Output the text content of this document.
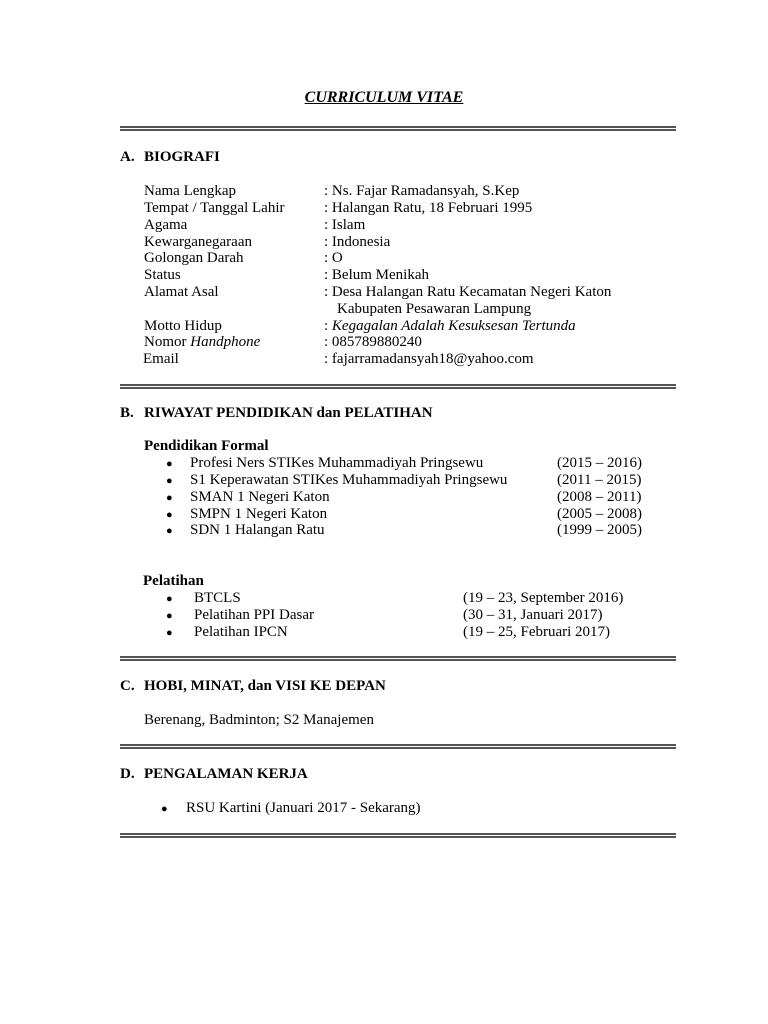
CURRICULUM VITAE
A. BIOGRAFI
Nama Lengkap	: Ns. Fajar Ramadansyah, S.Kep
Tempat / Tanggal Lahir	: Halangan Ratu, 18 Februari 1995
Agama	: Islam
Kewarganegaraan	: Indonesia
Golongan Darah	: O
Status	: Belum Menikah
Alamat Asal	: Desa Halangan Ratu Kecamatan Negeri Katon
Kabupaten Pesawaran Lampung
Motto Hidup	: Kegagalan Adalah Kesuksesan Tertunda
Nomor Handphone	: 085789880240
Email	: fajarramadansyah18@yahoo.com
B. RIWAYAT PENDIDIKAN dan PELATIHAN
Pendidikan Formal
● Profesi Ners STIKes Muhammadiyah Pringsewu	(2015 – 2016)
● S1 Keperawatan STIKes Muhammadiyah Pringsewu	(2011 – 2015)
● SMAN 1 Negeri Katon	(2008 – 2011)
● SMPN 1 Negeri Katon	(2005 – 2008)
● SDN 1 Halangan Ratu	(1999 – 2005)
Pelatihan
● BTCLS	(19 – 23, September 2016)
● Pelatihan PPI Dasar	(30 – 31, Januari 2017)
● Pelatihan IPCN	(19 – 25, Februari 2017)
C. HOBI, MINAT, dan VISI KE DEPAN
Berenang, Badminton; S2 Manajemen
D. PENGALAMAN KERJA
● RSU Kartini (Januari 2017 - Sekarang)
